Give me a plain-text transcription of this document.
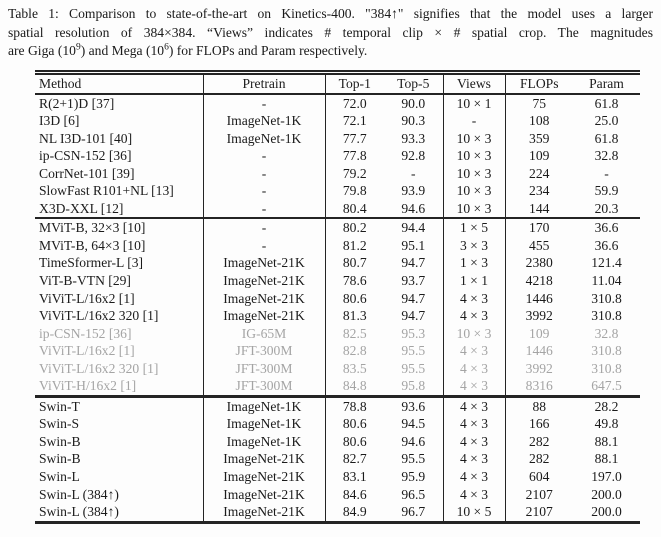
Table 1: Comparison to state-of-the-art on Kinetics-400. "384↑" signifies that the model uses a larger
spatial resolution of 384×384. “Views” indicates # temporal clip × # spatial crop. The magnitudes
are Giga $(10^9)$ and Mega $(10^6)$ for FLOPs and Param respectively.
Method	Pretrain	Top-1	Top-5	Views	FLOPs	Param
R(2+1)D [37]	-	72.0	90.0	10 × 1	75	61.8
I3D [6]	ImageNet-1K	72.1	90.3	-	108	25.0
NL I3D-101 [40]	ImageNet-1K	77.7	93.3	10 × 3	359	61.8
ip-CSN-152 [36]	-	77.8	92.8	10 × 3	109	32.8
CorrNet-101 [39]	-	79.2	-	10 × 3	224	-
SlowFast R101+NL [13]	-	79.8	93.9	10 × 3	234	59.9
X3D-XXL [12]	-	80.4	94.6	10 × 3	144	20.3
MViT-B, 32×3 [10]	-	80.2	94.4	1 × 5	170	36.6
MViT-B, 64×3 [10]	-	81.2	95.1	3 × 3	455	36.6
TimeSformer-L [3]	ImageNet-21K	80.7	94.7	1 × 3	2380	121.4
ViT-B-VTN [29]	ImageNet-21K	78.6	93.7	1 × 1	4218	11.04
ViViT-L/16x2 [1]	ImageNet-21K	80.6	94.7	4 × 3	1446	310.8
ViViT-L/16x2 320 [1]	ImageNet-21K	81.3	94.7	4 × 3	3992	310.8
ip-CSN-152 [36]	IG-65M	82.5	95.3	10 × 3	109	32.8
ViViT-L/16x2 [1]	JFT-300M	82.8	95.5	4 × 3	1446	310.8
ViViT-L/16x2 320 [1]	JFT-300M	83.5	95.5	4 × 3	3992	310.8
ViViT-H/16x2 [1]	JFT-300M	84.8	95.8	4 × 3	8316	647.5
Swin-T	ImageNet-1K	78.8	93.6	4 × 3	88	28.2
Swin-S	ImageNet-1K	80.6	94.5	4 × 3	166	49.8
Swin-B	ImageNet-1K	80.6	94.6	4 × 3	282	88.1
Swin-B	ImageNet-21K	82.7	95.5	4 × 3	282	88.1
Swin-L	ImageNet-21K	83.1	95.9	4 × 3	604	197.0
Swin-L (384↑)	ImageNet-21K	84.6	96.5	4 × 3	2107	200.0
Swin-L (384↑)	ImageNet-21K	84.9	96.7	10 × 5	2107	200.0
